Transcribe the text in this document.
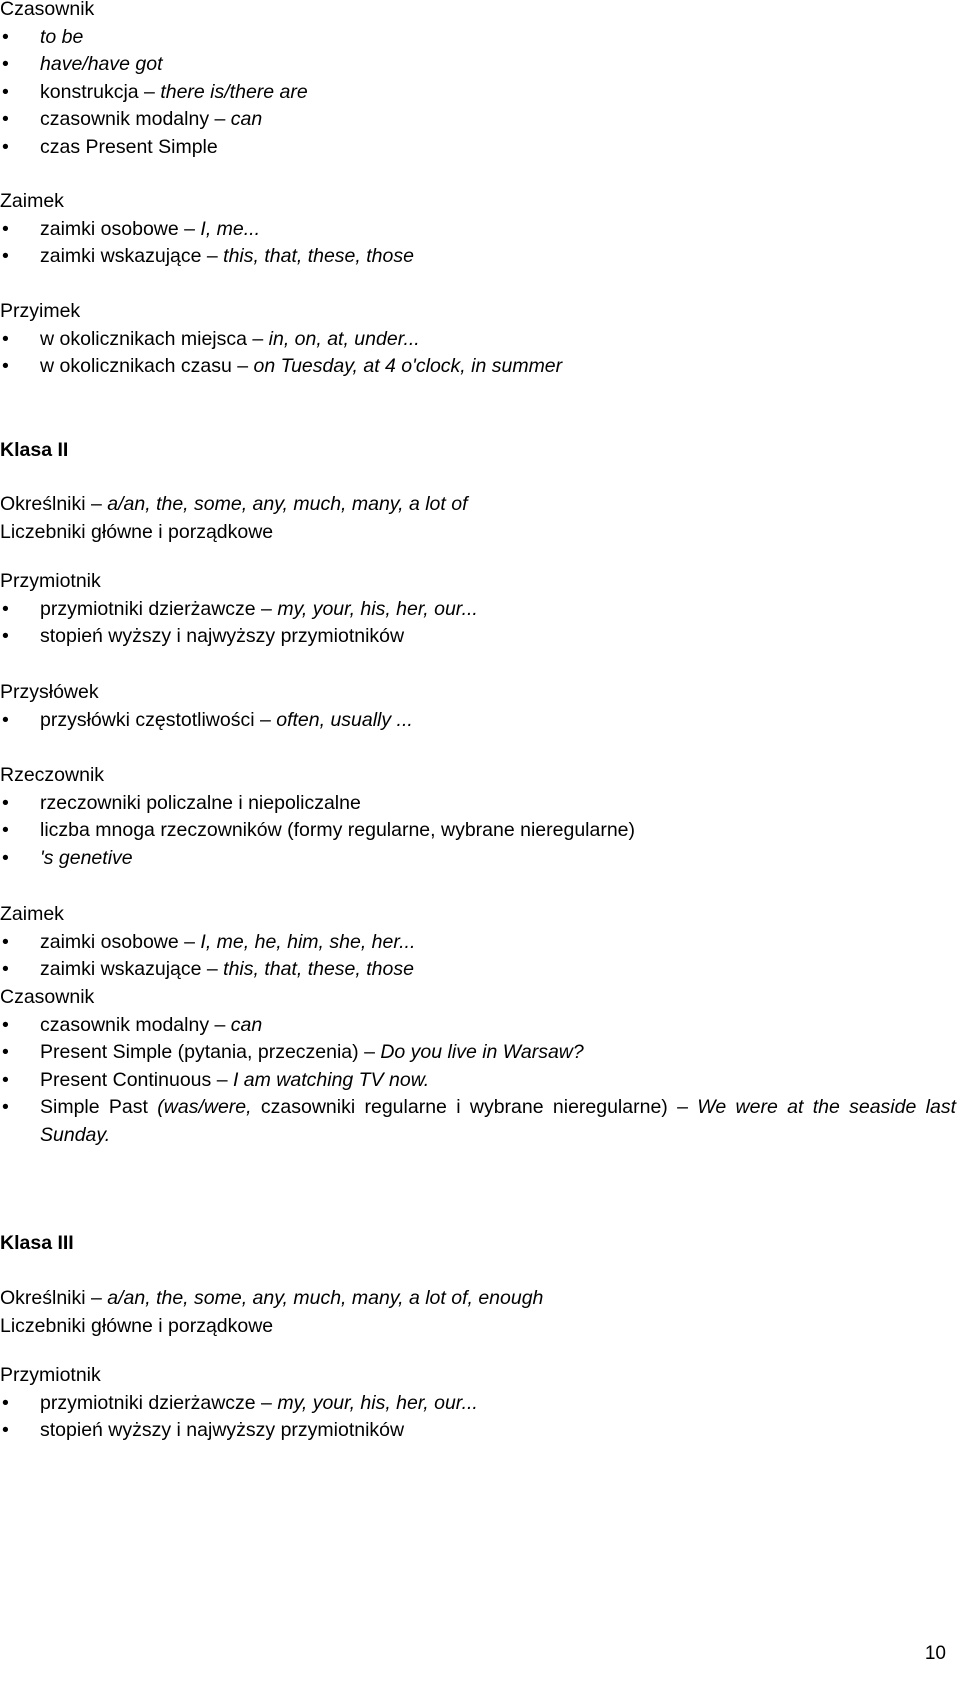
Czasownik
•	to be
•	have/have got
•	konstrukcja – there is/there are
•	czasownik modalny – can
•	czas Present Simple
Zaimek
•	zaimki osobowe – I, me...
•	zaimki wskazujące – this, that, these, those
Przyimek
•	w okolicznikach miejsca – in, on, at, under...
•	w okolicznikach czasu – on Tuesday, at 4 o'clock, in summer
Klasa II
Określniki – a/an, the, some, any, much, many, a lot of
Liczebniki główne i porządkowe
Przymiotnik
•	przymiotniki dzierżawcze – my, your, his, her, our...
•	stopień wyższy i najwyższy przymiotników
Przysłówek
•	przysłówki częstotliwości – often, usually ...
Rzeczownik
•	rzeczowniki policzalne i niepoliczalne
•	liczba mnoga rzeczowników (formy regularne, wybrane nieregularne)
•	's genetive
Zaimek
•	zaimki osobowe – I, me, he, him, she, her...
•	zaimki wskazujące – this, that, these, those
Czasownik
•	czasownik modalny – can
•	Present Simple (pytania, przeczenia) – Do you live in Warsaw?
•	Present Continuous – I am watching TV now.
•	Simple Past (was/were, czasowniki regularne i wybrane nieregularne) – We were at the seaside last Sunday.
Klasa III
Określniki – a/an, the, some, any, much, many, a lot of, enough
Liczebniki główne i porządkowe
Przymiotnik
•	przymiotniki dzierżawcze – my, your, his, her, our...
•	stopień wyższy i najwyższy przymiotników
10
